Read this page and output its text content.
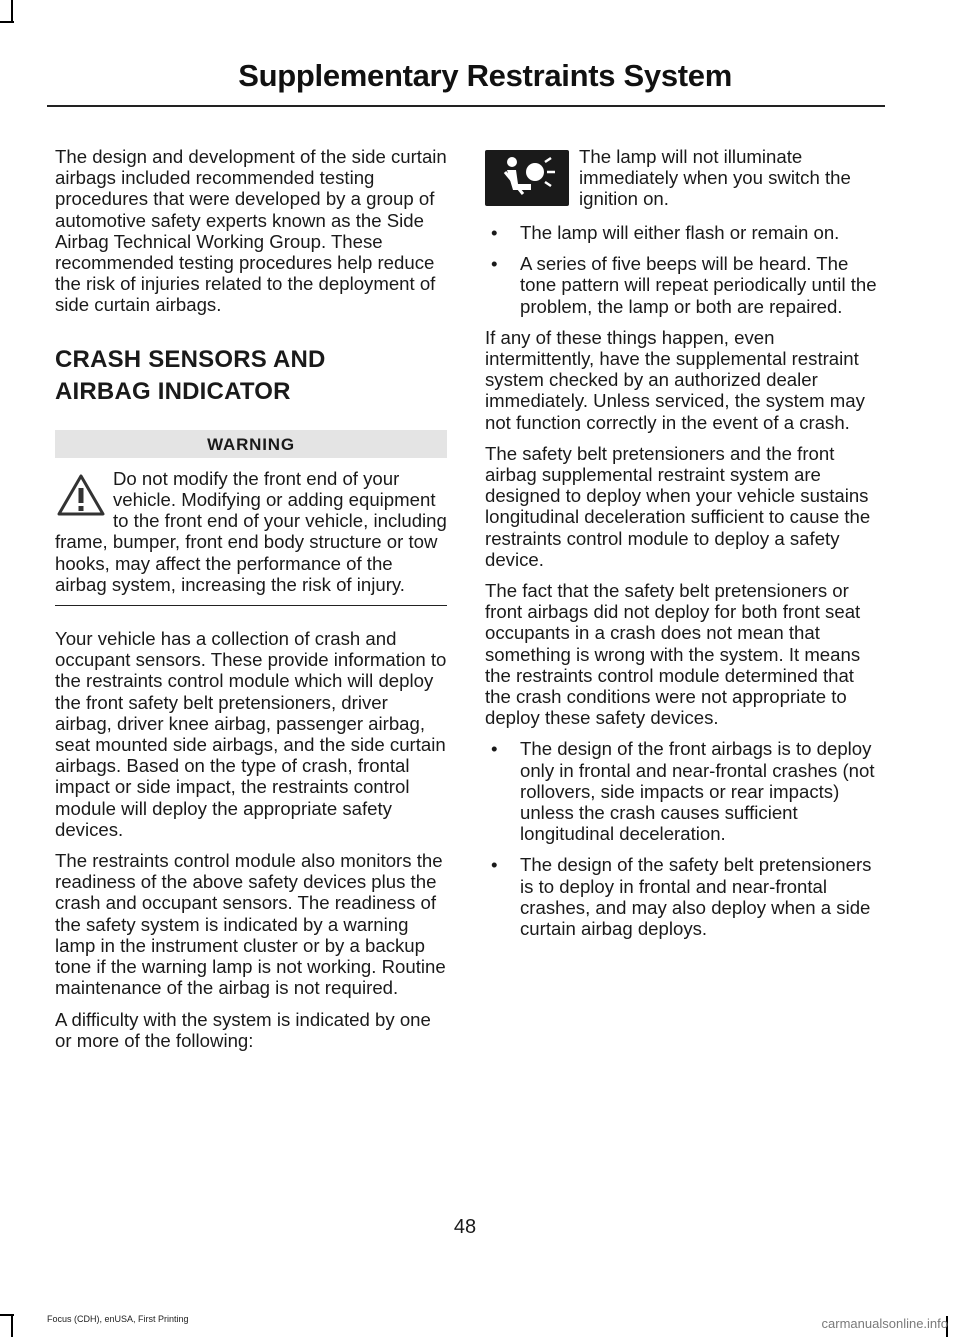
Supplementary Restraints System

The design and development of the side curtain airbags included recommended testing procedures that were developed by a group of automotive safety experts known as the Side Airbag Technical Working Group. These recommended testing procedures help reduce the risk of injuries related to the deployment of side curtain airbags.

CRASH SENSORS AND
AIRBAG INDICATOR
WARNING
Do not modify the front end of your vehicle. Modifying or adding equipment to the front end of your vehicle, including frame, bumper, front end body structure or tow hooks, may affect the performance of the airbag system, increasing the risk of injury.

Your vehicle has a collection of crash and occupant sensors. These provide information to the restraints control module which will deploy the front safety belt pretensioners, driver airbag, driver knee airbag, passenger airbag, seat mounted side airbags, and the side curtain airbags. Based on the type of crash, frontal impact or side impact, the restraints control module will deploy the appropriate safety devices.

The restraints control module also monitors the readiness of the above safety devices plus the crash and occupant sensors. The readiness of the safety system is indicated by a warning lamp in the instrument cluster or by a backup tone if the warning lamp is not working. Routine maintenance of the airbag is not required.

A difficulty with the system is indicated by one or more of the following:

The lamp will not illuminate immediately when you switch the ignition on.
• The lamp will either flash or remain on.
• A series of five beeps will be heard. The tone pattern will repeat periodically until the problem, the lamp or both are repaired.

If any of these things happen, even intermittently, have the supplemental restraint system checked by an authorized dealer immediately. Unless serviced, the system may not function correctly in the event of a crash.

The safety belt pretensioners and the front airbag supplemental restraint system are designed to deploy when your vehicle sustains longitudinal deceleration sufficient to cause the restraints control module to deploy a safety device.

The fact that the safety belt pretensioners or front airbags did not deploy for both front seat occupants in a crash does not mean that something is wrong with the system. It means the restraints control module determined that the crash conditions were not appropriate to deploy these safety devices.

• The design of the front airbags is to deploy only in frontal and near-frontal crashes (not rollovers, side impacts or rear impacts) unless the crash causes sufficient longitudinal deceleration.
• The design of the safety belt pretensioners is to deploy in frontal and near-frontal crashes, and may also deploy when a side curtain airbag deploys.
48
Focus (CDH), enUSA, First Printing	carmanualsonline.info
